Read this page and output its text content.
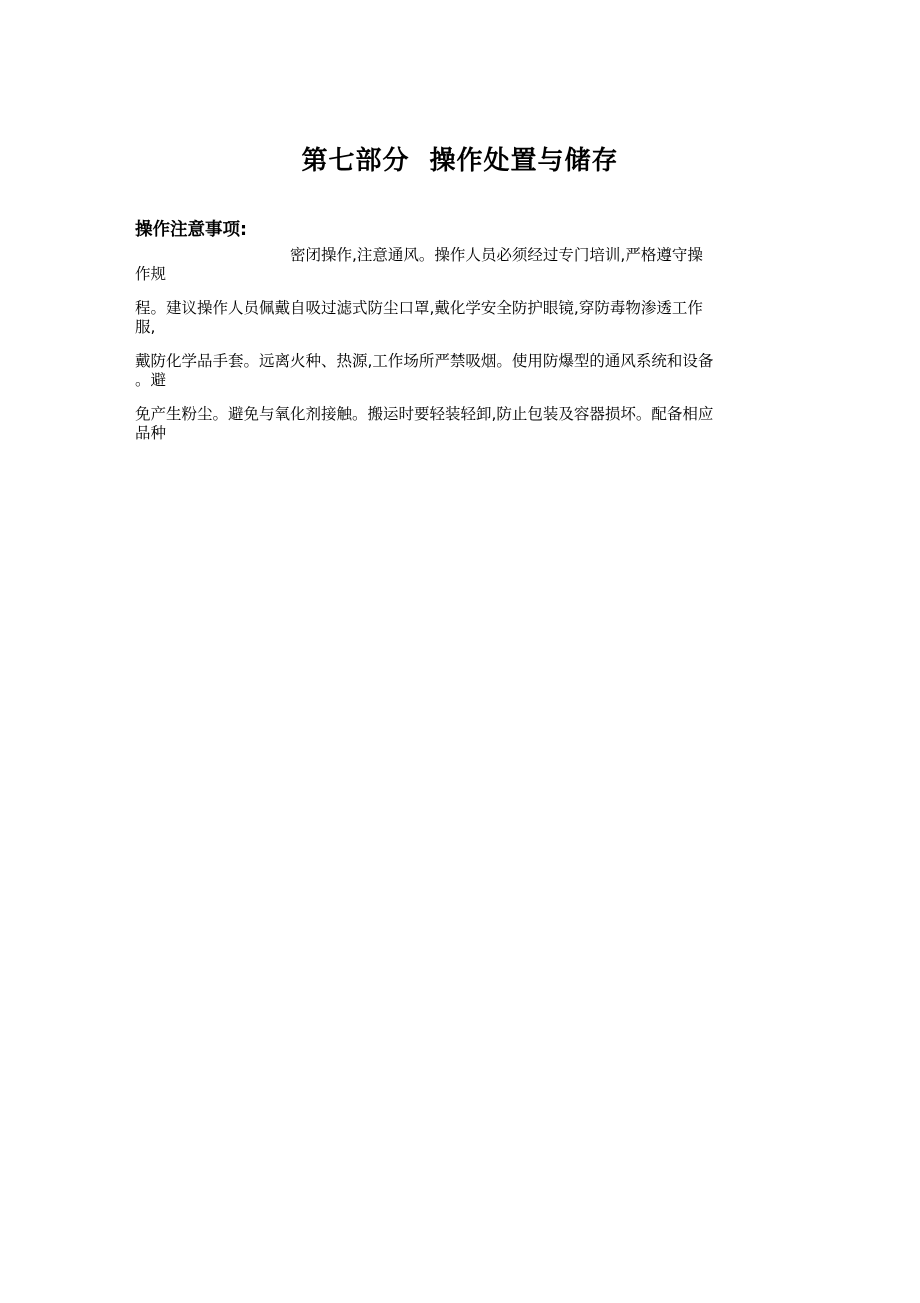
第七部分  操作处置与储存
操作注意事项:

密闭操作,注意通风。操作人员必须经过专门培训,严格遵守操
作规

程。建议操作人员佩戴自吸过滤式防尘口罩,戴化学安全防护眼镜,穿防毒物渗透工作
服,

戴防化学品手套。远离火种、热源,工作场所严禁吸烟。使用防爆型的通风系统和设备
。避

免产生粉尘。避免与氧化剂接触。搬运时要轻装轻卸,防止包装及容器损坏。配备相应
品种
